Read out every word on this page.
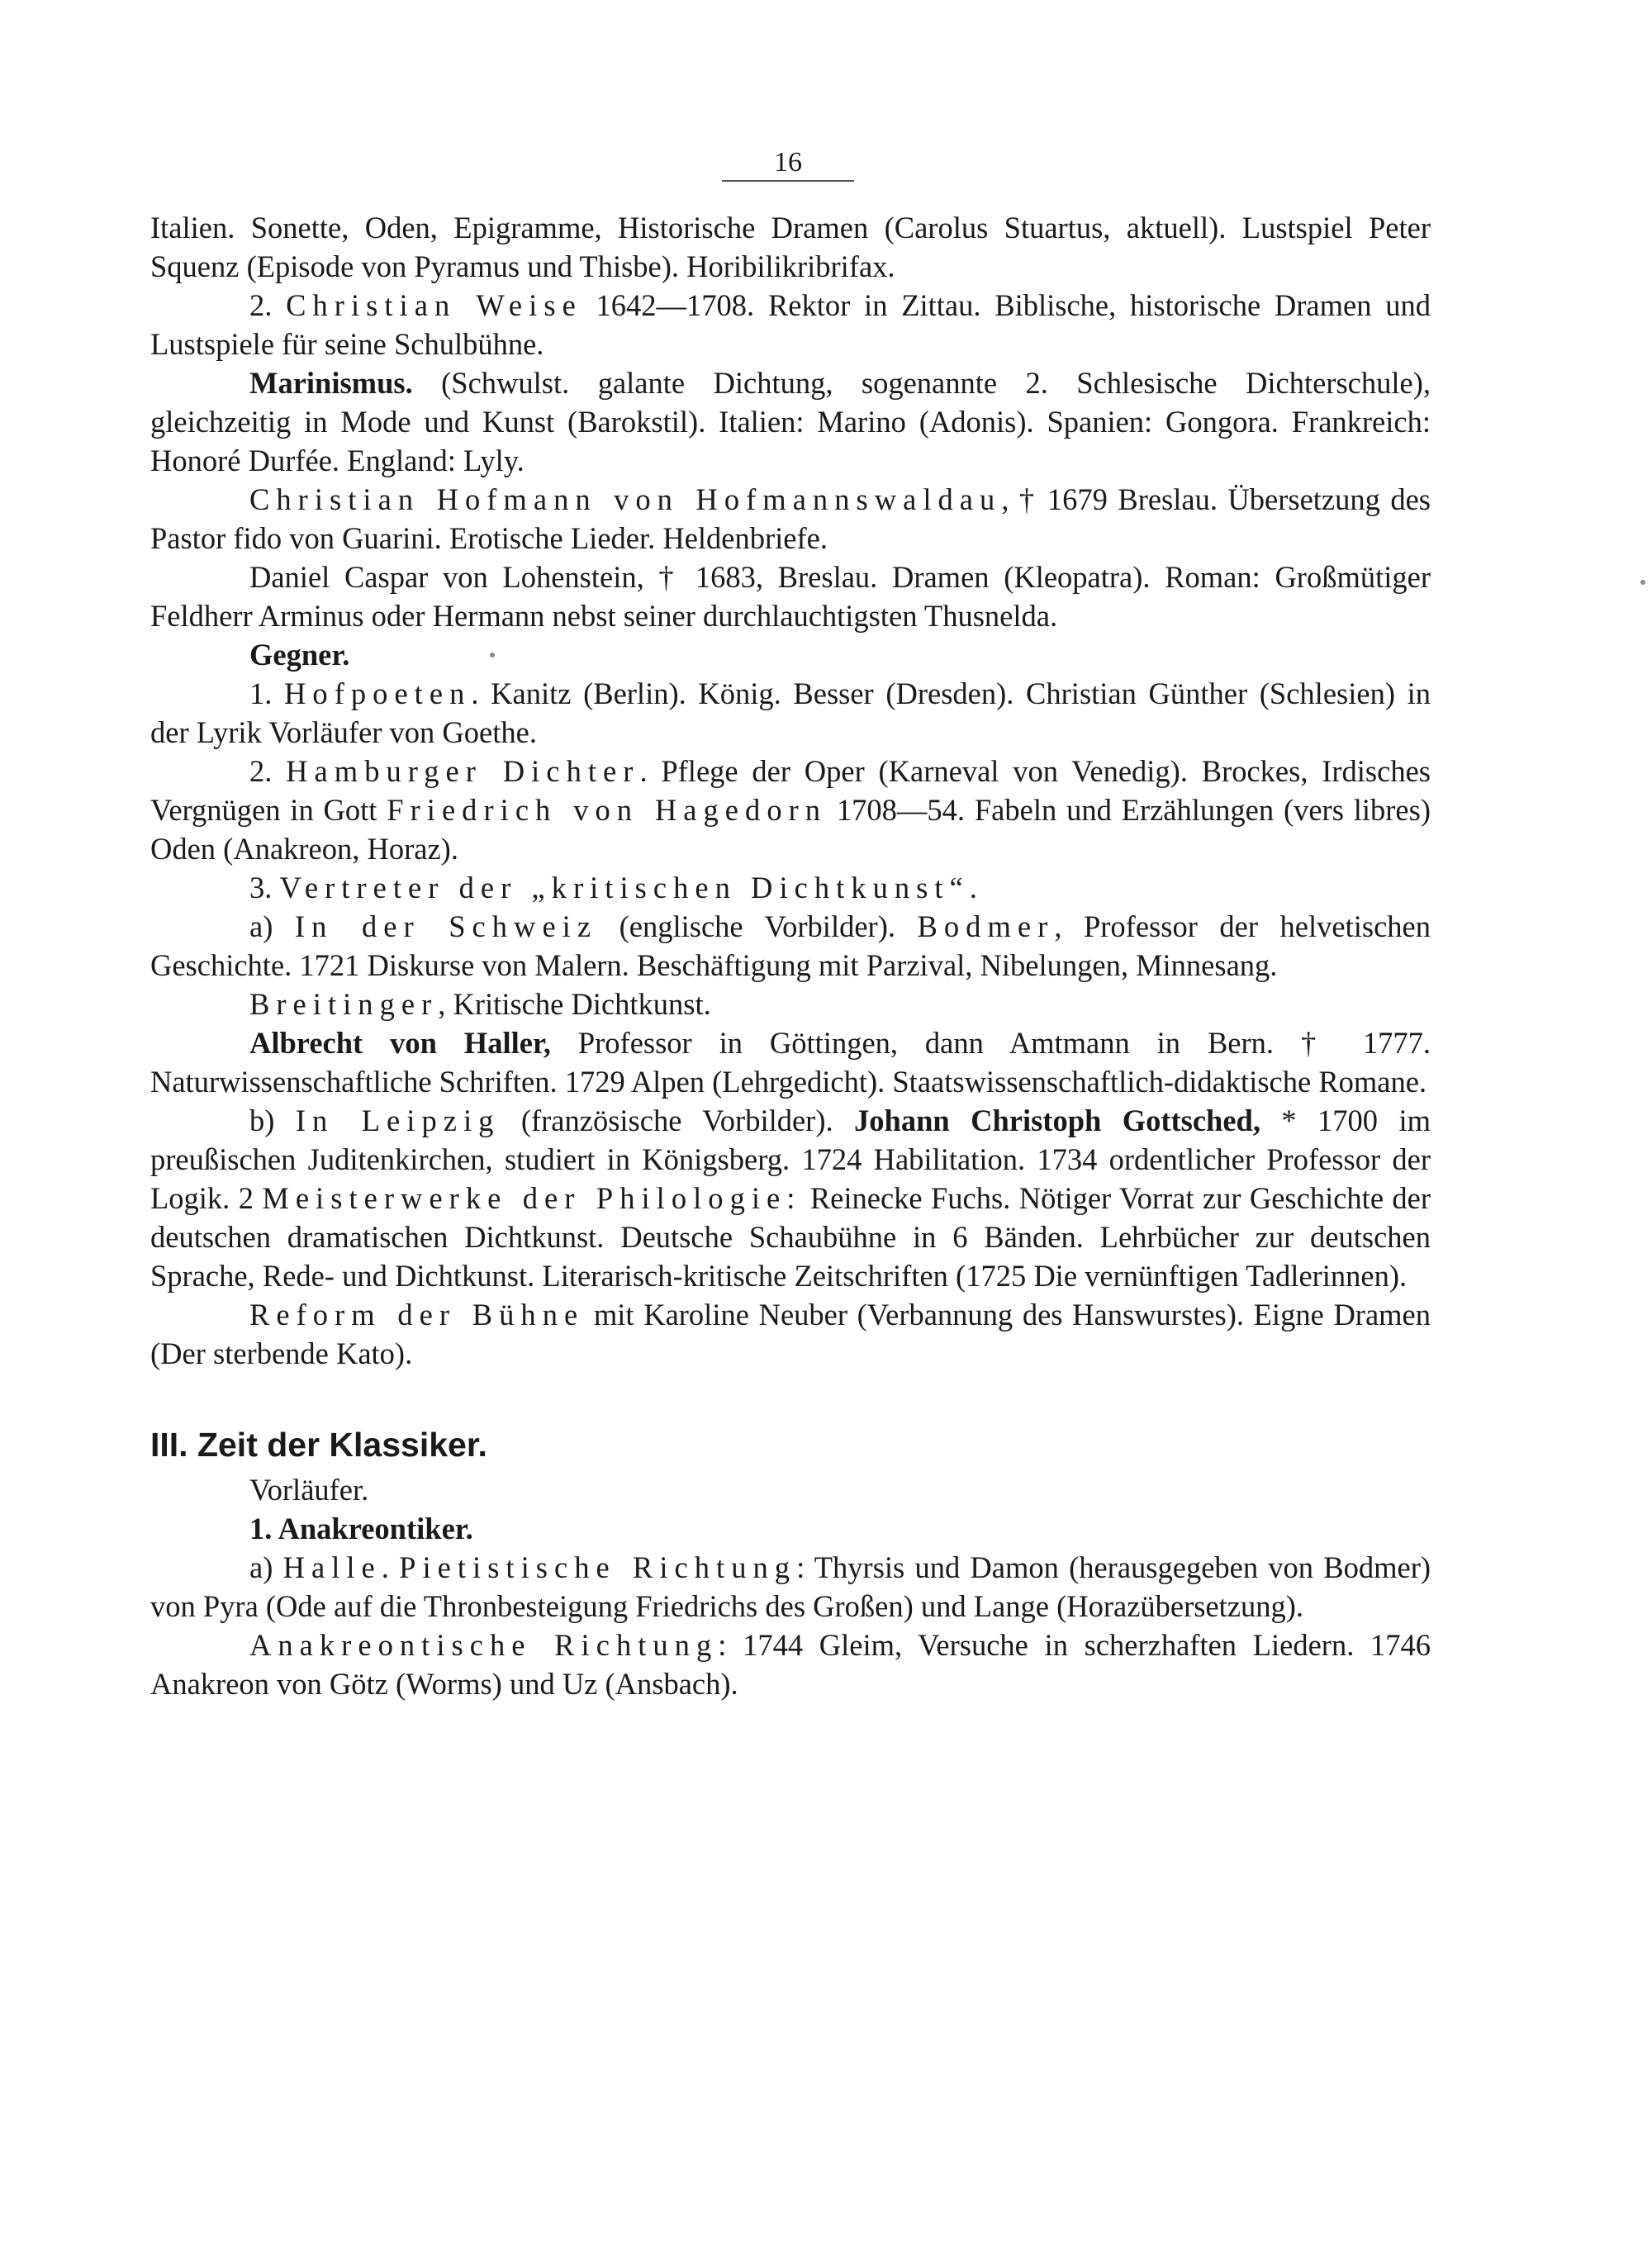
16

Italien. Sonette, Oden, Epigramme, Historische Dramen (Carolus Stuartus, aktuell). Lustspiel Peter Squenz (Episode von Pyramus und Thisbe). Horibilikribrifax.

2. Christian Weise 1642—1708. Rektor in Zittau. Biblische, historische Dramen und Lustspiele für seine Schulbühne.

Marinismus. (Schwulst. galante Dichtung, sogenannte 2. Schlesische Dichterschule), gleichzeitig in Mode und Kunst (Barokstil). Italien: Marino (Adonis). Spanien: Gongora. Frankreich: Honoré Durfée. England: Lyly.

Christian Hofmann von Hofmannswaldau, † 1679 Breslau. Übersetzung des Pastor fido von Guarini. Erotische Lieder. Heldenbriefe.

Daniel Caspar von Lohenstein, † 1683, Breslau. Dramen (Kleopatra). Roman: Großmütiger Feldherr Arminus oder Hermann nebst seiner durchlauchtigsten Thusnelda.

Gegner.

1. Hofpoeten. Kanitz (Berlin). König. Besser (Dresden). Christian Günther (Schlesien) in der Lyrik Vorläufer von Goethe.

2. Hamburger Dichter. Pflege der Oper (Karneval von Venedig). Brockes, Irdisches Vergnügen in Gott Friedrich von Hagedorn 1708—54. Fabeln und Erzählungen (vers libres) Oden (Anakreon, Horaz).

3. Vertreter der „kritischen Dichtkunst“.

a) In der Schweiz (englische Vorbilder). Bodmer, Professor der helvetischen Geschichte. 1721 Diskurse von Malern. Beschäftigung mit Parzival, Nibelungen, Minnesang.

Breitinger, Kritische Dichtkunst.

Albrecht von Haller, Professor in Göttingen, dann Amtmann in Bern. † 1777. Naturwissenschaftliche Schriften. 1729 Alpen (Lehrgedicht). Staatswissenschaftlich-didaktische Romane.

b) In Leipzig (französische Vorbilder). Johann Christoph Gottsched, * 1700 im preußischen Juditenkirchen, studiert in Königsberg. 1724 Habilitation. 1734 ordentlicher Professor der Logik. 2 Meisterwerke der Philologie: Reinecke Fuchs. Nötiger Vorrat zur Geschichte der deutschen dramatischen Dichtkunst. Deutsche Schaubühne in 6 Bänden. Lehrbücher zur deutschen Sprache, Rede- und Dichtkunst. Literarisch-kritische Zeitschriften (1725 Die vernünftigen Tadlerinnen).

Reform der Bühne mit Karoline Neuber (Verbannung des Hanswurstes). Eigne Dramen (Der sterbende Kato).

III. Zeit der Klassiker.

Vorläufer.

1. Anakreontiker.

a) Halle. Pietistische Richtung: Thyrsis und Damon (herausgegeben von Bodmer) von Pyra (Ode auf die Thronbesteigung Friedrichs des Großen) und Lange (Horazübersetzung).

Anakreontische Richtung: 1744 Gleim, Versuche in scherzhaften Liedern. 1746 Anakreon von Götz (Worms) und Uz (Ansbach).
